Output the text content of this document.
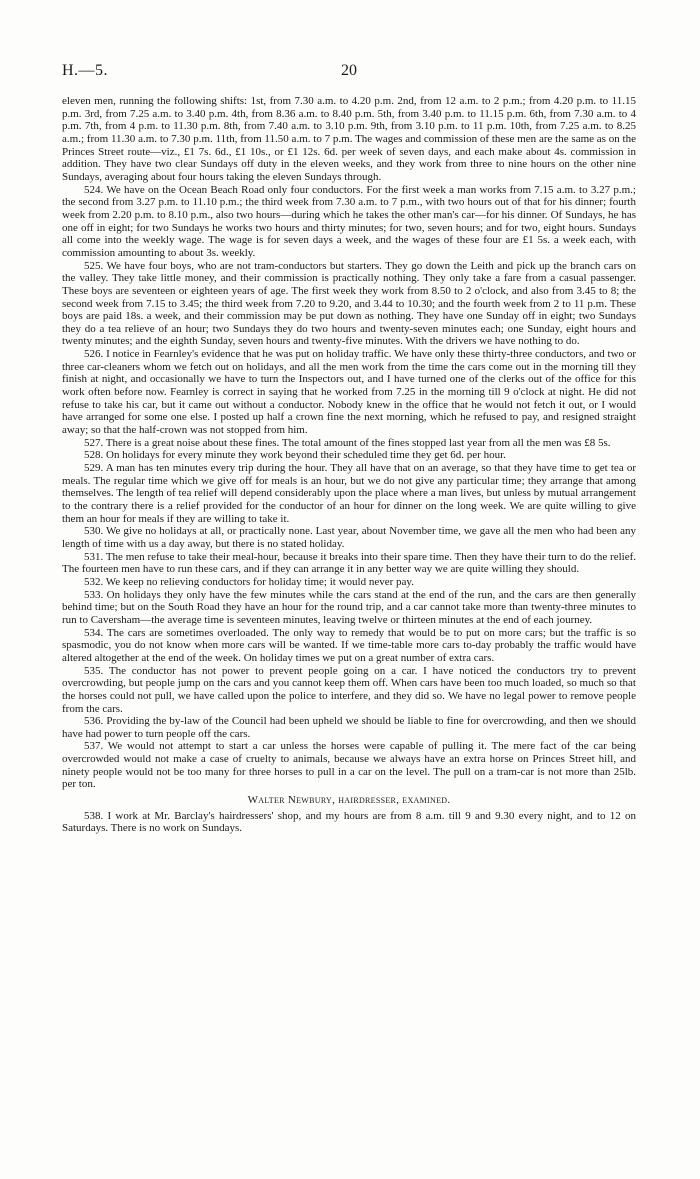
H.—5.	20

eleven men, running the following shifts: 1st, from 7.30 a.m. to 4.20 p.m. 2nd, from 12 a.m. to 2 p.m.; from 4.20 p.m. to 11.15 p.m. 3rd, from 7.25 a.m. to 3.40 p.m. 4th, from 8.36 a.m. to 8.40 p.m. 5th, from 3.40 p.m. to 11.15 p.m. 6th, from 7.30 a.m. to 4 p.m. 7th, from 4 p.m. to 11.30 p.m. 8th, from 7.40 a.m. to 3.10 p.m. 9th, from 3.10 p.m. to 11 p.m. 10th, from 7.25 a.m. to 8.25 a.m.; from 11.30 a.m. to 7.30 p.m. 11th, from 11.50 a.m. to 7 p.m. The wages and commission of these men are the same as on the Princes Street route—viz., £1 7s. 6d., £1 10s., or £1 12s. 6d. per week of seven days, and each make about 4s. commission in addition. They have two clear Sundays off duty in the eleven weeks, and they work from three to nine hours on the other nine Sundays, averaging about four hours taking the eleven Sundays through.

524. We have on the Ocean Beach Road only four conductors. For the first week a man works from 7.15 a.m. to 3.27 p.m.; the second from 3.27 p.m. to 11.10 p.m.; the third week from 7.30 a.m. to 7 p.m., with two hours out of that for his dinner; fourth week from 2.20 p.m. to 8.10 p.m., also two hours—during which he takes the other man's car—for his dinner. Of Sundays, he has one off in eight; for two Sundays he works two hours and thirty minutes; for two, seven hours; and for two, eight hours. Sundays all come into the weekly wage. The wage is for seven days a week, and the wages of these four are £1 5s. a week each, with commission amounting to about 3s. weekly.

525. We have four boys, who are not tram-conductors but starters. They go down the Leith and pick up the branch cars on the valley. They take little money, and their commission is practically nothing. They only take a fare from a casual passenger. These boys are seventeen or eighteen years of age. The first week they work from 8.50 to 2 o'clock, and also from 3.45 to 8; the second week from 7.15 to 3.45; the third week from 7.20 to 9.20, and 3.44 to 10.30; and the fourth week from 2 to 11 p.m. These boys are paid 18s. a week, and their commission may be put down as nothing. They have one Sunday off in eight; two Sundays they do a tea relieve of an hour; two Sundays they do two hours and twenty-seven minutes each; one Sunday, eight hours and twenty minutes; and the eighth Sunday, seven hours and twenty-five minutes. With the drivers we have nothing to do.

526. I notice in Fearnley's evidence that he was put on holiday traffic. We have only these thirty-three conductors, and two or three car-cleaners whom we fetch out on holidays, and all the men work from the time the cars come out in the morning till they finish at night, and occasionally we have to turn the Inspectors out, and I have turned one of the clerks out of the office for this work often before now. Fearnley is correct in saying that he worked from 7.25 in the morning till 9 o'clock at night. He did not refuse to take his car, but it came out without a conductor. Nobody knew in the office that he would not fetch it out, or I would have arranged for some one else. I posted up half a crown fine the next morning, which he refused to pay, and resigned straight away; so that the half-crown was not stopped from him.

527. There is a great noise about these fines. The total amount of the fines stopped last year from all the men was £8 5s.

528. On holidays for every minute they work beyond their scheduled time they get 6d. per hour.

529. A man has ten minutes every trip during the hour. They all have that on an average, so that they have time to get tea or meals. The regular time which we give off for meals is an hour, but we do not give any particular time; they arrange that among themselves. The length of tea relief will depend considerably upon the place where a man lives, but unless by mutual arrangement to the contrary there is a relief provided for the conductor of an hour for dinner on the long week. We are quite willing to give them an hour for meals if they are willing to take it.

530. We give no holidays at all, or practically none. Last year, about November time, we gave all the men who had been any length of time with us a day away, but there is no stated holiday.

531. The men refuse to take their meal-hour, because it breaks into their spare time. Then they have their turn to do the relief. The fourteen men have to run these cars, and if they can arrange it in any better way we are quite willing they should.

532. We keep no relieving conductors for holiday time; it would never pay.

533. On holidays they only have the few minutes while the cars stand at the end of the run, and the cars are then generally behind time; but on the South Road they have an hour for the round trip, and a car cannot take more than twenty-three minutes to run to Caversham—the average time is seventeen minutes, leaving twelve or thirteen minutes at the end of each journey.

534. The cars are sometimes overloaded. The only way to remedy that would be to put on more cars; but the traffic is so spasmodic, you do not know when more cars will be wanted. If we time-table more cars to-day probably the traffic would have altered altogether at the end of the week. On holiday times we put on a great number of extra cars.

535. The conductor has not power to prevent people going on a car. I have noticed the conductors try to prevent overcrowding, but people jump on the cars and you cannot keep them off. When cars have been too much loaded, so much so that the horses could not pull, we have called upon the police to interfere, and they did so. We have no legal power to remove people from the cars.

536. Providing the by-law of the Council had been upheld we should be liable to fine for overcrowding, and then we should have had power to turn people off the cars.

537. We would not attempt to start a car unless the horses were capable of pulling it. The mere fact of the car being overcrowded would not make a case of cruelty to animals, because we always have an extra horse on Princes Street hill, and ninety people would not be too many for three horses to pull in a car on the level. The pull on a tram-car is not more than 25lb. per ton.

Walter Newbury, hairdresser, examined.

538. I work at Mr. Barclay's hairdressers' shop, and my hours are from 8 a.m. till 9 and 9.30 every night, and to 12 on Saturdays. There is no work on Sundays.
